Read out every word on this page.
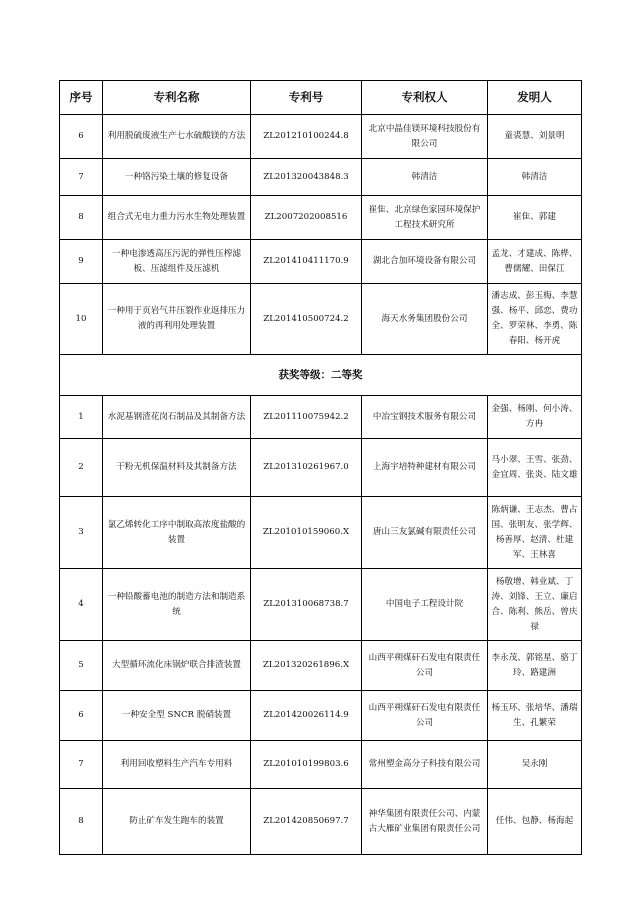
序号	专利名称	专利号	专利权人	发明人
6	利用脱硫废液生产七水硫酸镁的方法	ZL201210100244.8	北京中晶佳镁环境科技股份有限公司	童裘慧、刘景明
7	一种铬污染土壤的修复设备	ZL201320043848.3	韩清洁	韩清洁
8	组合式无电力重力污水生物处理装置	ZL2007202008516	崔隹、北京绿色家园环境保护工程技术研究所	崔隹、郭建
9	一种电渗透高压污泥的弹性压榨滤板、压滤组件及压滤机	ZL201410411170.9	湖北合加环境设备有限公司	孟龙、才建成、陈桦、曹儒耀、田保江
10	一种用于页岩气井压裂作业返排压力液的再利用处理装置	ZL201410500724.2	海天水务集团股份公司	潘志成、彭玉梅、李慧强、杨平、邱恋、费功全、罗荣林、李勇、陈春阳、杨开虎
获奖等级：二等奖				
1	水泥基钢渣花岗石制品及其制备方法	ZL201110075942.2	中冶宝钢技术服务有限公司	金强、杨刚、何小涛、方冉
2	干粉无机保温材料及其制备方法	ZL201310261967.0	上海宇培特种建材有限公司	马小翠、王雪、张劲、金宜周、张炎、陆文雄
3	氯乙烯转化工序中制取高浓度盐酸的装置	ZL201010159060.X	唐山三友氯碱有限责任公司	陈炳谦、王志杰、曹占国、张明友、张学辉、杨善厚、赵清、杜建军、王林喜
4	一种铅酸蓄电池的制造方法和制造系统	ZL201310068738.7	中国电子工程设计院	杨敬增、韩业斌、丁涛、刘锋、王立、廉启合、陈利、熊岳、曾庆禄
5	大型循环流化床锅炉联合排渣装置	ZL201320261896.X	山西平朔煤矸石发电有限责任公司	李永茂、郭铭星、骆丁玲、路建洲
6	一种安全型 SNCR 脱硝装置	ZL201420026114.9	山西平朔煤矸石发电有限责任公司	杨玉环、张培华、潘瑞生、孔繁荣
7	利用回收塑料生产汽车专用料	ZL201010199803.6	常州塑金高分子科技有限公司	吴永刚
8	防止矿车发生跑车的装置	ZL201420850697.7	神华集团有限责任公司、内蒙古大雁矿业集团有限责任公司	任伟、包静、杨海起
